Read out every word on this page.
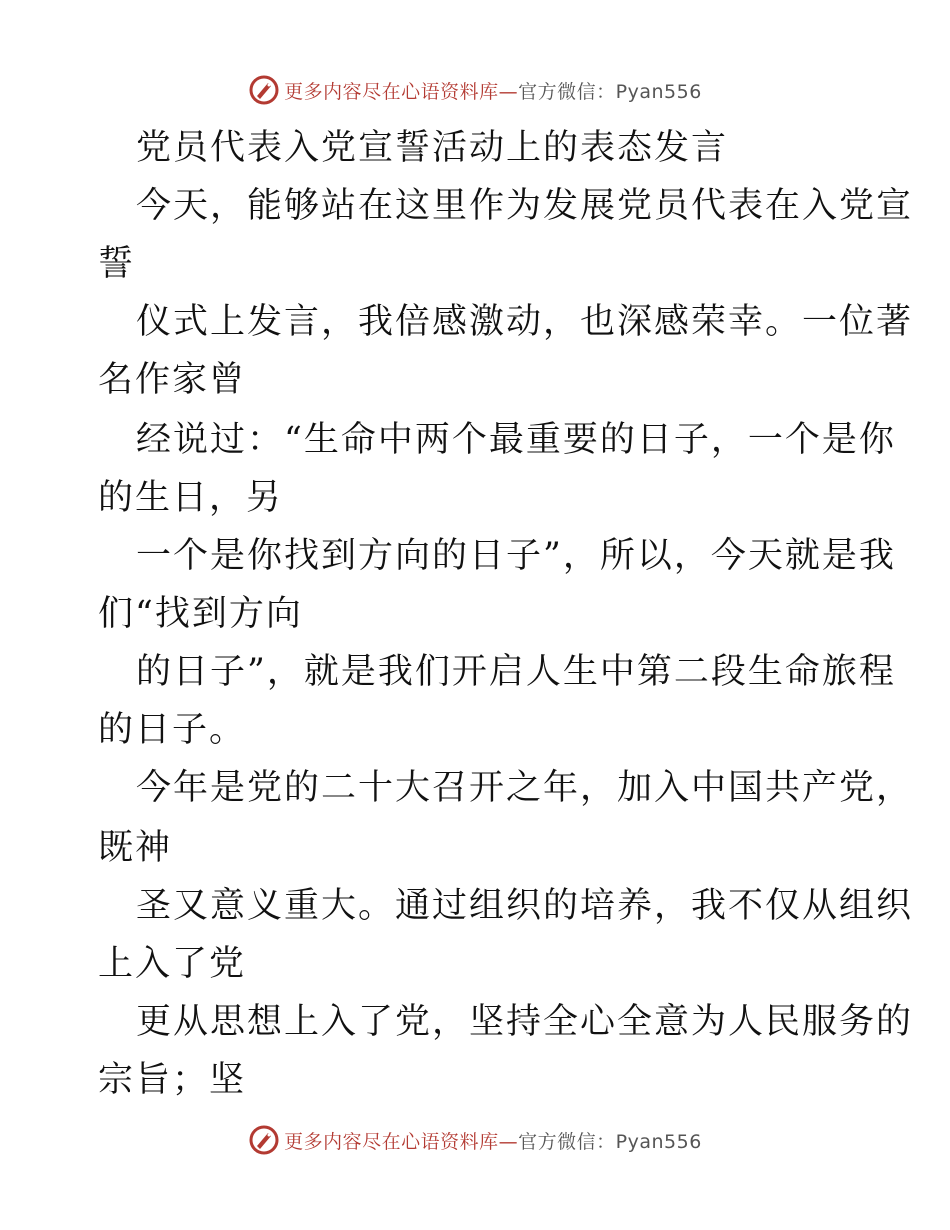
更多内容尽在心语资料库—官方微信：Pyan556
党员代表入党宣誓活动上的表态发言
今天，能够站在这里作为发展党员代表在入党宣
誓
仪式上发言，我倍感激动，也深感荣幸。一位著
名作家曾
经说过：“生命中两个最重要的日子，一个是你
的生日，另
一个是你找到方向的日子”，所以，今天就是我
们“找到方向
的日子”，就是我们开启人生中第二段生命旅程
的日子。
今年是党的二十大召开之年，加入中国共产党，
既神
圣又意义重大。通过组织的培养，我不仅从组织
上入了党
更从思想上入了党，坚持全心全意为人民服务的
宗旨；坚
更多内容尽在心语资料库—官方微信：Pyan556
